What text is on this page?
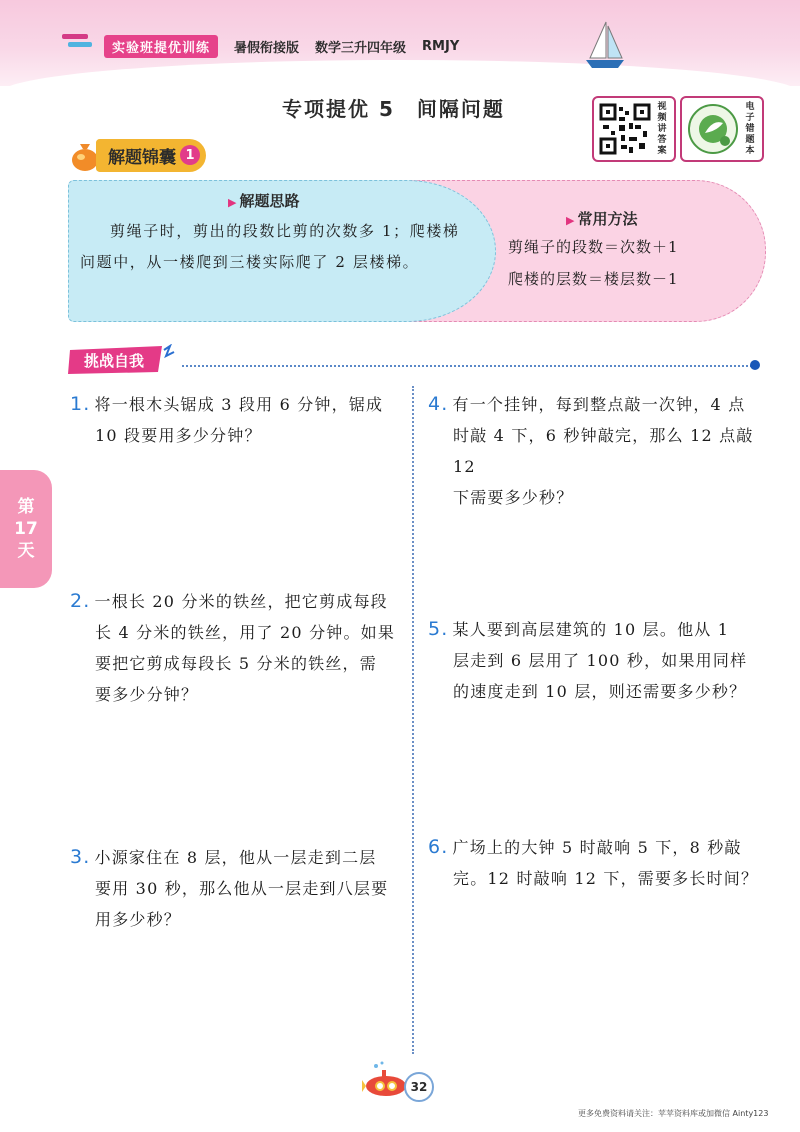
实验班提优训练	暑假衔接版 数学三升四年级 RMJY
专项提优 5　间隔问题	视频讲答案
电子错题本
解题锦囊 1
▶ 解题思路
剪绳子时，剪出的段数比剪的次数多 1；爬楼梯问题中，从一楼爬到三楼实际爬了 2 层楼梯。
▶ 常用方法
剪绳子的段数＝次数＋1
爬楼的层数＝楼层数－1
挑战自我
第
17
天
1. 将一根木头锯成 3 段用 6 分钟，锯成
10 段要用多少分钟？
2. 一根长 20 分米的铁丝，把它剪成每段
长 4 分米的铁丝，用了 20 分钟。如果
要把它剪成每段长 5 分米的铁丝，需
要多少分钟？
3. 小源家住在 8 层，他从一层走到二层
要用 30 秒，那么他从一层走到八层要
用多少秒？
4. 有一个挂钟，每到整点敲一次钟，4 点
时敲 4 下，6 秒钟敲完，那么 12 点敲 12
下需要多少秒？
5. 某人要到高层建筑的 10 层。他从 1
层走到 6 层用了 100 秒，如果用同样
的速度走到 10 层，则还需要多少秒？
6. 广场上的大钟 5 时敲响 5 下，8 秒敲
完。12 时敲响 12 下，需要多长时间？
32
更多免费资料请关注：苹苹资料库或加微信 Ainty123
